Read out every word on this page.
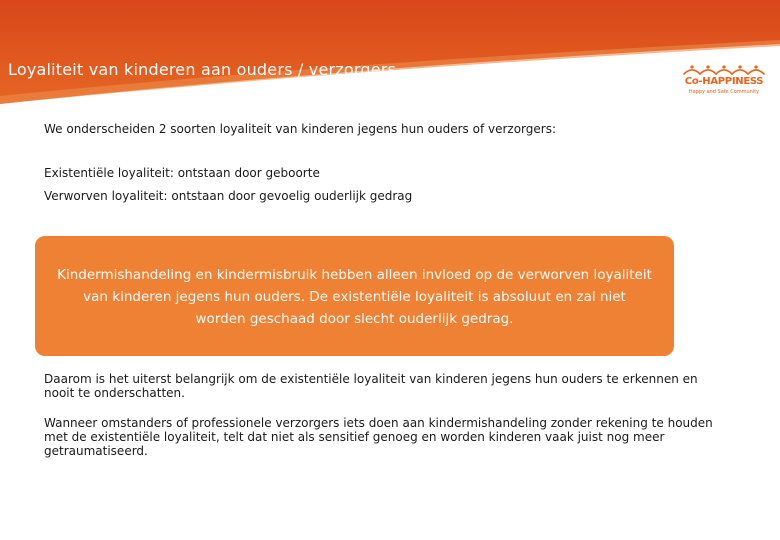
Loyaliteit van kinderen aan ouders / verzorgers
Co-HAPPINESS
Happy and Safe Community
We onderscheiden 2 soorten loyaliteit van kinderen jegens hun ouders of verzorgers:
Existentiële loyaliteit: ontstaan door geboorte
Verworven loyaliteit: ontstaan door gevoelig ouderlijk gedrag
Kindermishandeling en kindermisbruik hebben alleen invloed op de verworven loyaliteit van kinderen jegens hun ouders. De existentiële loyaliteit is absoluut en zal niet worden geschaad door slecht ouderlijk gedrag.
Daarom is het uiterst belangrijk om de existentiële loyaliteit van kinderen jegens hun ouders te erkennen en nooit te onderschatten.
Wanneer omstanders of professionele verzorgers iets doen aan kindermishandeling zonder rekening te houden met de existentiële loyaliteit, telt dat niet als sensitief genoeg en worden kinderen vaak juist nog meer getraumatiseerd.
